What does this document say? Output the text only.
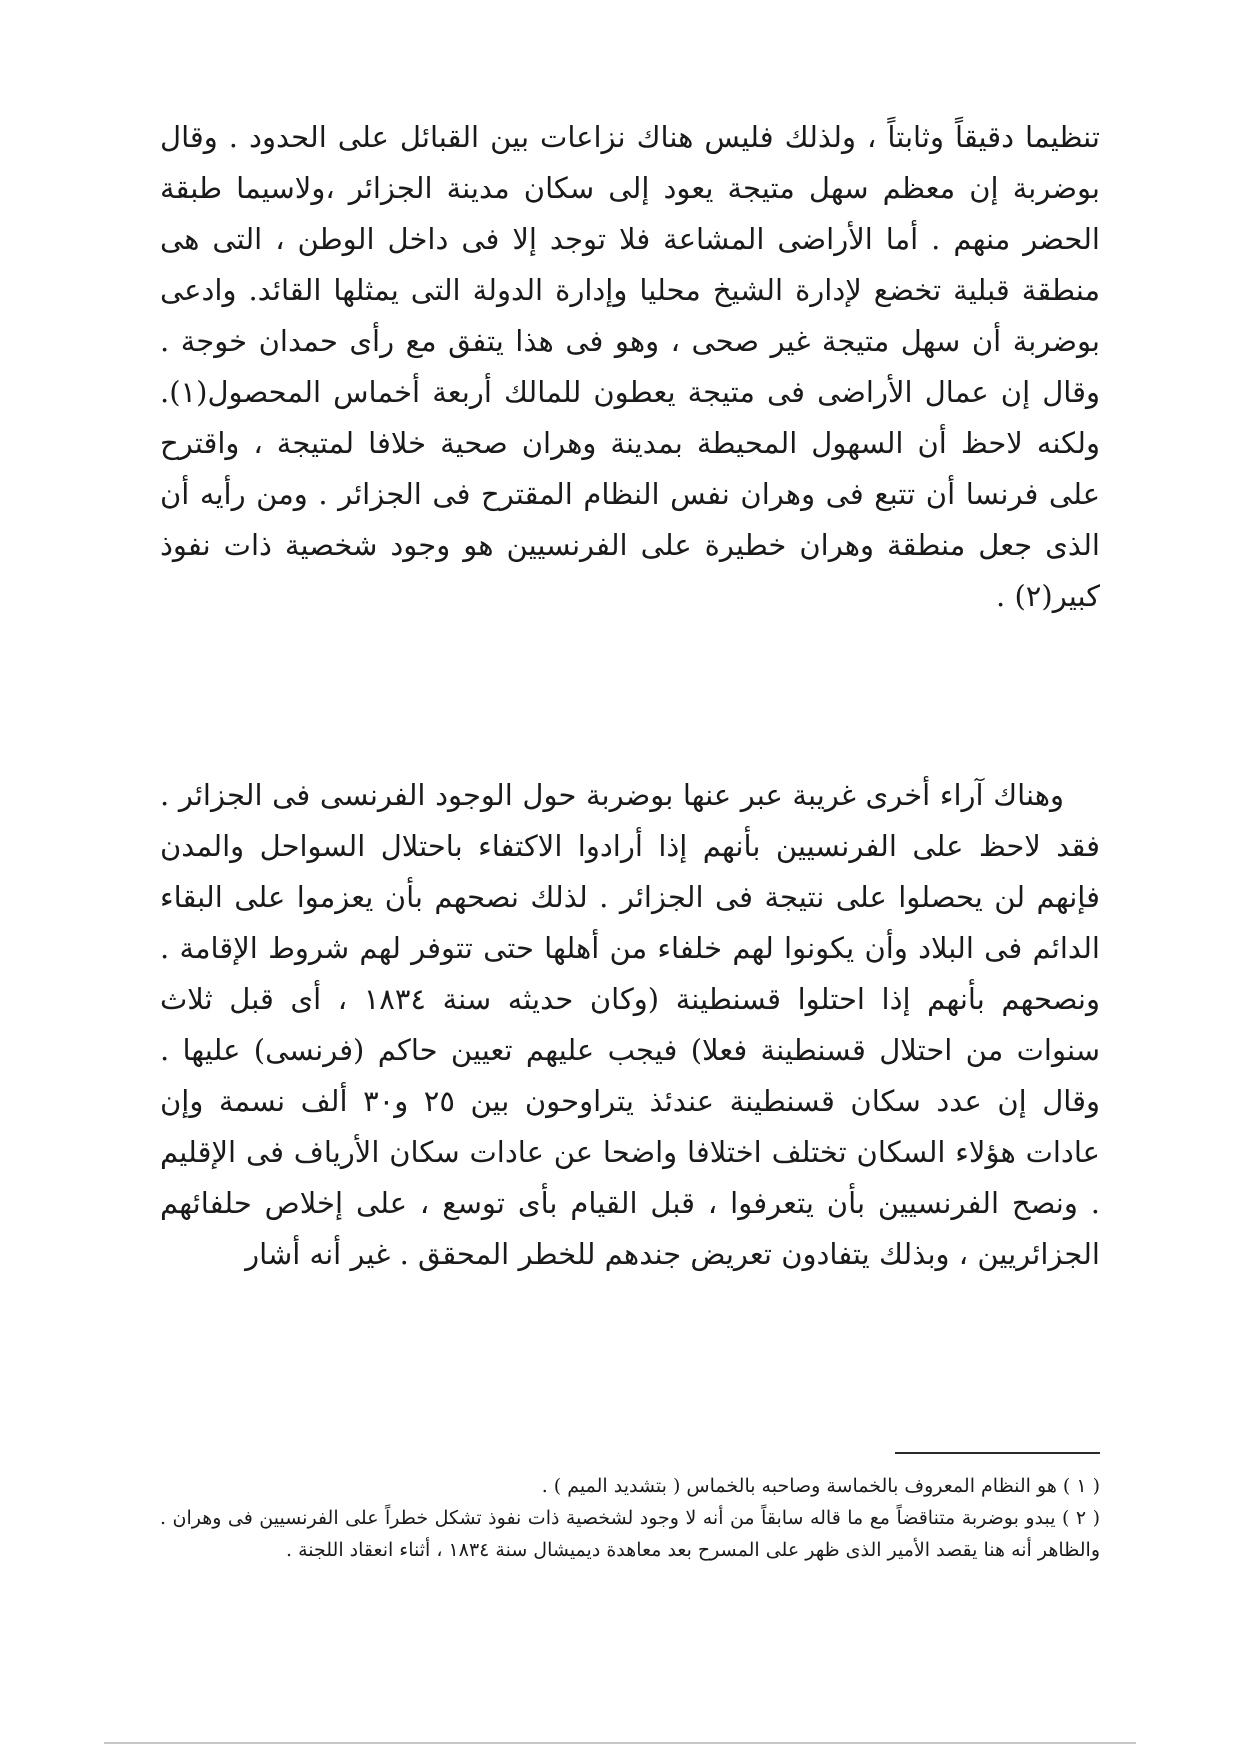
تنظيما دقيقاً وثابتاً ، ولذلك فليس هناك نزاعات بين القبائل على الحدود . وقال بوضربة إن معظم سهل متيجة يعود إلى سكان مدينة الجزائر ،ولاسيما طبقة الحضر منهم . أما الأراضى المشاعة فلا توجد إلا فى داخل الوطن ، التى هى منطقة قبلية تخضع لإدارة الشيخ محليا وإدارة الدولة التى يمثلها القائد. وادعى بوضربة أن سهل متيجة غير صحى ، وهو فى هذا يتفق مع رأى حمدان خوجة . وقال إن عمال الأراضى فى متيجة يعطون للمالك أربعة أخماس المحصول(١). ولكنه لاحظ أن السهول المحيطة بمدينة وهران صحية خلافا لمتيجة ، واقترح على فرنسا أن تتبع فى وهران نفس النظام المقترح فى الجزائر . ومن رأيه أن الذى جعل منطقة وهران خطيرة على الفرنسيين هو وجود شخصية ذات نفوذ كبير(٢) .

وهناك آراء أخرى غريبة عبر عنها بوضربة حول الوجود الفرنسى فى الجزائر . فقد لاحظ على الفرنسيين بأنهم إذا أرادوا الاكتفاء باحتلال السواحل والمدن فإنهم لن يحصلوا على نتيجة فى الجزائر . لذلك نصحهم بأن يعزموا على البقاء الدائم فى البلاد وأن يكونوا لهم خلفاء من أهلها حتى تتوفر لهم شروط الإقامة . ونصحهم بأنهم إذا احتلوا قسنطينة (وكان حديثه سنة ١٨٣٤ ، أى قبل ثلاث سنوات من احتلال قسنطينة فعلا) فيجب عليهم تعيين حاكم (فرنسى) عليها . وقال إن عدد سكان قسنطينة عندئذ يتراوحون بين ٢٥ و٣٠ ألف نسمة وإن عادات هؤلاء السكان تختلف اختلافا واضحا عن عادات سكان الأرياف فى الإقليم . ونصح الفرنسيين بأن يتعرفوا ، قبل القيام بأى توسع ، على إخلاص حلفائهم الجزائريين ، وبذلك يتفادون تعريض جندهم للخطر المحقق . غير أنه أشار

( ١ ) هو النظام المعروف بالخماسة وصاحبه بالخماس ( بتشديد الميم ) .

( ٢ ) يبدو بوضربة متناقضاً مع ما قاله سابقاً من أنه لا وجود لشخصية ذات نفوذ تشكل خطراً على الفرنسيين فى وهران . والظاهر أنه هنا يقصد الأمير الذى ظهر على المسرح بعد معاهدة ديميشال سنة ١٨٣٤ ، أثناء انعقاد اللجنة .
